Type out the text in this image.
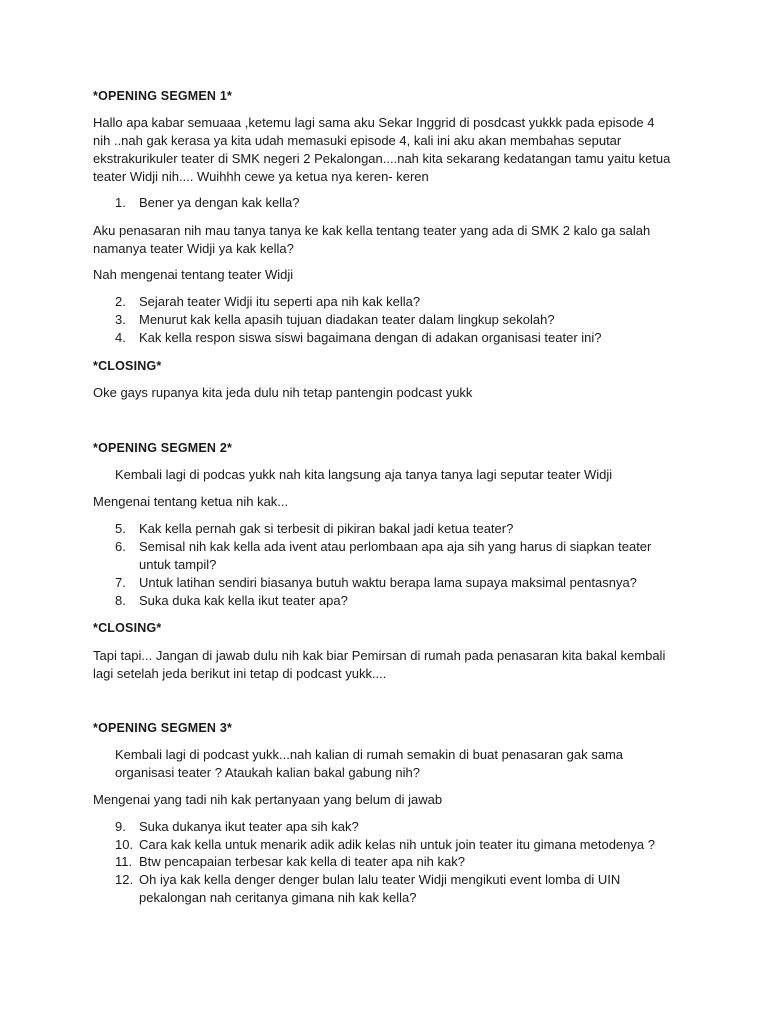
*OPENING SEGMEN 1*
Hallo apa kabar semuaaa ,ketemu lagi sama aku Sekar Inggrid di posdcast yukkk pada episode 4
nih ..nah gak kerasa ya kita udah memasuki episode 4, kali ini aku akan membahas seputar
ekstrakurikuler teater di SMK negeri 2 Pekalongan....nah kita sekarang kedatangan tamu yaitu ketua
teater Widji nih.... Wuihhh cewe ya ketua nya keren- keren
1.	Bener ya dengan kak kella?
Aku penasaran nih mau tanya tanya ke kak kella tentang teater yang ada di SMK 2 kalo ga salah
namanya teater Widji ya kak kella?
Nah mengenai tentang teater Widji
2.	Sejarah teater Widji itu seperti apa nih kak kella?
3.	Menurut kak kella apasih tujuan diadakan teater dalam lingkup sekolah?
4.	Kak kella respon siswa siswi bagaimana dengan di adakan organisasi teater ini?
*CLOSING*
Oke gays rupanya kita jeda dulu nih tetap pantengin podcast yukk
*OPENING SEGMEN 2*
Kembali lagi di podcas yukk nah kita langsung aja tanya tanya lagi seputar teater Widji
Mengenai tentang ketua nih kak...
5.	Kak kella pernah gak si terbesit di pikiran bakal jadi ketua teater?
6.	Semisal nih kak kella ada ivent atau perlombaan apa aja sih yang harus di siapkan teater
untuk tampil?
7.	Untuk latihan sendiri biasanya butuh waktu berapa lama supaya maksimal pentasnya?
8.	Suka duka kak kella ikut teater apa?
*CLOSING*
Tapi tapi... Jangan di jawab dulu nih kak biar Pemirsan di rumah pada penasaran kita bakal kembali
lagi setelah jeda berikut ini tetap di podcast yukk....
*OPENING SEGMEN 3*
Kembali lagi di podcast yukk...nah kalian di rumah semakin di buat penasaran gak sama
organisasi teater ? Ataukah kalian bakal gabung nih?
Mengenai yang tadi nih kak pertanyaan yang belum di jawab
9.	Suka dukanya ikut teater apa sih kak?
10. Cara kak kella untuk menarik adik adik kelas nih untuk join teater itu gimana metodenya ?
11. Btw pencapaian terbesar kak kella di teater apa nih kak?
12. Oh iya kak kella denger denger bulan lalu teater Widji mengikuti event lomba di UIN
pekalongan nah ceritanya gimana nih kak kella?
